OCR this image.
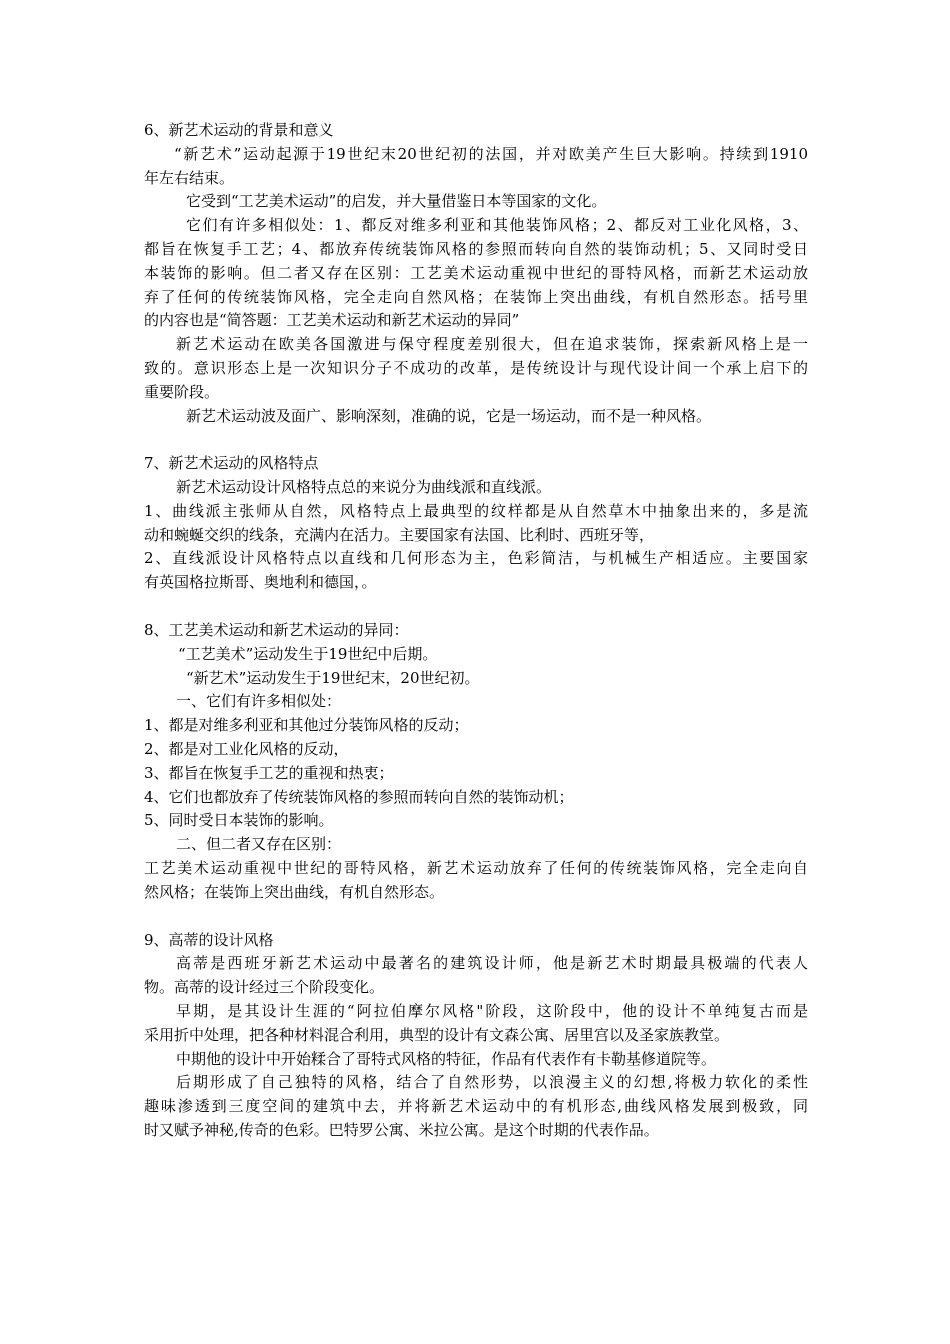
6、新艺术运动的背景和意义
“新艺术”运动起源于19世纪末20世纪初的法国，并对欧美产生巨大影响。持续到1910
年左右结束。
它受到“工艺美术运动”的启发，并大量借鉴日本等国家的文化。
它们有许多相似处：1、都反对维多利亚和其他装饰风格；2、都反对工业化风格，3、
都旨在恢复手工艺；4、都放弃传统装饰风格的参照而转向自然的装饰动机；5、又同时受日
本装饰的影响。但二者又存在区别：工艺美术运动重视中世纪的哥特风格，而新艺术运动放
弃了任何的传统装饰风格，完全走向自然风格；在装饰上突出曲线，有机自然形态。括号里
的内容也是“简答题：工艺美术运动和新艺术运动的异同”
新艺术运动在欧美各国激进与保守程度差别很大，但在追求装饰，探索新风格上是一
致的。意识形态上是一次知识分子不成功的改革，是传统设计与现代设计间一个承上启下的
重要阶段。
新艺术运动波及面广、影响深刻，准确的说，它是一场运动，而不是一种风格。
7、新艺术运动的风格特点
新艺术运动设计风格特点总的来说分为曲线派和直线派。
1、曲线派主张师从自然，风格特点上最典型的纹样都是从自然草木中抽象出来的，多是流
动和蜿蜒交织的线条，充满内在活力。主要国家有法国、比利时、西班牙等，
2、直线派设计风格特点以直线和几何形态为主，色彩简洁，与机械生产相适应。主要国家
有英国格拉斯哥、奥地利和德国，。
8、工艺美术运动和新艺术运动的异同：
“工艺美术”运动发生于19世纪中后期。
“新艺术”运动发生于19世纪末，20世纪初。
一、它们有许多相似处：
1、都是对维多利亚和其他过分装饰风格的反动；
2、都是对工业化风格的反动，
3、都旨在恢复手工艺的重视和热衷；
4、它们也都放弃了传统装饰风格的参照而转向自然的装饰动机；
5、同时受日本装饰的影响。
二、但二者又存在区别：
工艺美术运动重视中世纪的哥特风格，新艺术运动放弃了任何的传统装饰风格，完全走向自
然风格；在装饰上突出曲线，有机自然形态。
9、高蒂的设计风格
高蒂是西班牙新艺术运动中最著名的建筑设计师，他是新艺术时期最具极端的代表人
物。高蒂的设计经过三个阶段变化。
早期，是其设计生涯的“阿拉伯摩尔风格"阶段，这阶段中，他的设计不单纯复古而是
采用折中处理，把各种材料混合利用，典型的设计有文森公寓、居里宫以及圣家族教堂。
中期他的设计中开始糅合了哥特式风格的特征，作品有代表作有卡勒基修道院等。
后期形成了自己独特的风格，结合了自然形势，以浪漫主义的幻想,将极力软化的柔性
趣味渗透到三度空间的建筑中去，并将新艺术运动中的有机形态,曲线风格发展到极致，同
时又赋予神秘,传奇的色彩。巴特罗公寓、米拉公寓。是这个时期的代表作品。
